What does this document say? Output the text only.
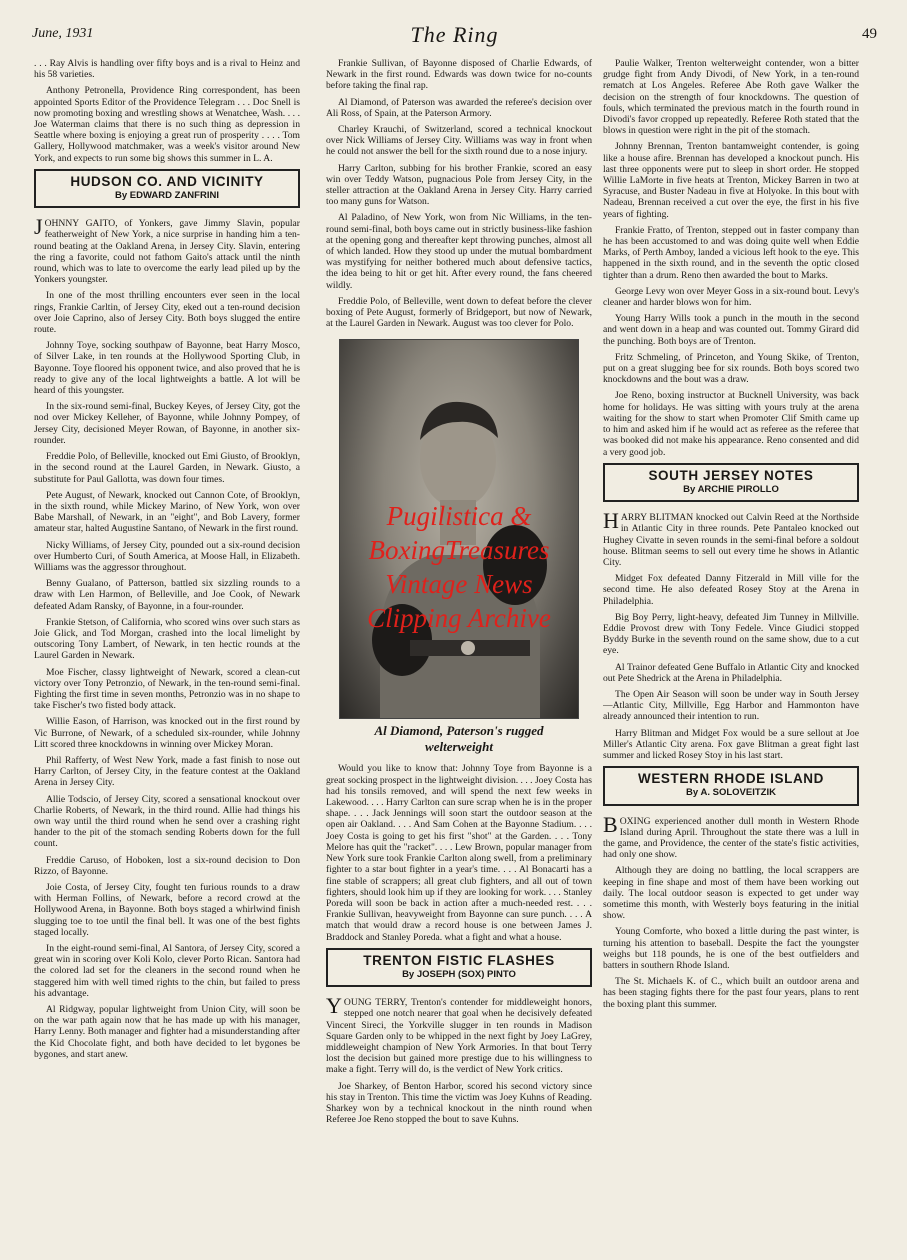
June, 1931	The Ring	49

. . . Ray Alvis is handling over fifty boys and is a rival to Heinz and his 58 varieties.

Anthony Petronella, Providence Ring correspondent, has been appointed Sports Editor of the Providence Telegram . . . Doc Snell is now promoting boxing and wrestling shows at Wenatchee, Wash. . . . Joe Waterman claims that there is no such thing as depression in Seattle where boxing is enjoying a great run of prosperity . . . . Tom Gallery, Hollywood matchmaker, was a week's visitor around New York, and expects to run some big shows this summer in L. A.

HUDSON CO. AND VICINITY
By EDWARD ZANFRINI

JOHNNY GAITO, of Yonkers, gave Jimmy Slavin, popular featherweight of New York, a nice surprise in handing him a ten-round beating at the Oakland Arena, in Jersey City. Slavin, entering the ring a favorite, could not fathom Gaito's attack until the ninth round, which was to late to overcome the early lead piled up by the Yonkers youngster.

In one of the most thrilling encounters ever seen in the local rings, Frankie Carltin, of Jersey City, eked out a ten-round decision over Joie Caprino, also of Jersey City. Both boys slugged the entire route.

Johnny Toye, socking southpaw of Bayonne, beat Harry Mosco, of Silver Lake, in ten rounds at the Hollywood Sporting Club, in Bayonne. Toye floored his opponent twice, and also proved that he is ready to give any of the local lightweights a battle. A lot will be heard of this youngster.

In the six-round semi-final, Buckey Keyes, of Jersey City, got the nod over Mickey Kelleher, of Bayonne, while Johnny Pompey, of Jersey City, decisioned Meyer Rowan, of Bayonne, in another six-rounder.

Freddie Polo, of Belleville, knocked out Emi Giusto, of Brooklyn, in the second round at the Laurel Garden, in Newark. Giusto, a substitute for Paul Gallotta, was down four times.

Pete August, of Newark, knocked out Cannon Cote, of Brooklyn, in the sixth round, while Mickey Marino, of New York, won over Babe Marshall, of Newark, in an "eight", and Bob Lavery, former amateur star, halted Augustine Santano, of Newark in the first round.

Nicky Williams, of Jersey City, pounded out a six-round decision over Humberto Curi, of South America, at Moose Hall, in Elizabeth. Williams was the aggressor throughout.

Benny Gualano, of Patterson, battled six sizzling rounds to a draw with Len Harmon, of Belleville, and Joe Cook, of Newark defeated Adam Ransky, of Bayonne, in a four-rounder.

Frankie Stetson, of California, who scored wins over such stars as Joie Glick, and Tod Morgan, crashed into the local limelight by outscoring Tony Lambert, of Newark, in ten hectic rounds at the Laurel Garden in Newark.

Moe Fischer, classy lightweight of Newark, scored a clean-cut victory over Tony Petronzio, of Newark, in the ten-round semi-final. Fighting the first time in seven months, Petronzio was in no shape to take Fischer's two fisted body attack.

Willie Eason, of Harrison, was knocked out in the first round by Vic Burrone, of Newark, of a scheduled six-rounder, while Johnny Litt scored three knockdowns in winning over Mickey Moran.

Phil Rafferty, of West New York, made a fast finish to nose out Harry Carlton, of Jersey City, in the feature contest at the Oakland Arena in Jersey City.

Allie Todscio, of Jersey City, scored a sensational knockout over Charlie Roberts, of Newark, in the third round. Allie had things his own way until the third round when he send over a crashing right hander to the pit of the stomach sending Roberts down for the full count.

Freddie Caruso, of Hoboken, lost a six-round decision to Don Rizzo, of Bayonne.

Joie Costa, of Jersey City, fought ten furious rounds to a draw with Herman Follins, of Newark, before a record crowd at the Hollywood Arena, in Bayonne. Both boys staged a whirlwind finish slugging toe to toe until the final bell. It was one of the best fights staged locally.

In the eight-round semi-final, Al Santora, of Jersey City, scored a great win in scoring over Koli Kolo, clever Porto Rican. Santora had the colored lad set for the cleaners in the second round when he staggered him with well timed rights to the chin, but failed to press his advantage.

Al Ridgway, popular lightweight from Union City, will soon be on the war path again now that he has made up with his manager, Harry Lenny. Both manager and fighter had a misunderstanding after the Kid Chocolate fight, and both have decided to let bygones be bygones, and start anew.

Frankie Sullivan, of Bayonne disposed of Charlie Edwards, of Newark in the first round. Edwards was down twice for no-counts before taking the final rap.

Al Diamond, of Paterson was awarded the referee's decision over Ali Ross, of Spain, at the Paterson Armory.

Charley Krauchi, of Switzerland, scored a technical knockout over Nick Williams of Jersey City. Williams was way in front when he could not answer the bell for the sixth round due to a nose injury.

Harry Carlton, subbing for his brother Frankie, scored an easy win over Teddy Watson, pugnacious Pole from Jersey City, in the steller attraction at the Oakland Arena in Jersey City. Harry carried too many guns for Watson.

Al Paladino, of New York, won from Nic Williams, in the ten-round semi-final, both boys came out in strictly business-like fashion at the opening gong and thereafter kept throwing punches, almost all of which landed. How they stood up under the mutual bombardment was mystifying for neither bothered much about defensive tactics, the idea being to hit or get hit. After every round, the fans cheered wildly.

Freddie Polo, of Belleville, went down to defeat before the clever boxing of Pete August, formerly of Bridgeport, but now of Newark, at the Laurel Garden in Newark. August was too clever for Polo.

Pugilistica &
BoxingTreasures
Vintage News
Clipping Archive
Al Diamond, Paterson's rugged
welterweight

Would you like to know that: Johnny Toye from Bayonne is a great socking prospect in the lightweight division. . . . Joey Costa has had his tonsils removed, and will spend the next few weeks in Lakewood. . . . Harry Carlton can sure scrap when he is in the proper shape. . . . Jack Jennings will soon start the outdoor season at the open air Oakland. . . . And Sam Cohen at the Bayonne Stadium. . . . Joey Costa is going to get his first "shot" at the Garden. . . . Tony Melore has quit the "racket". . . . Lew Brown, popular manager from New York sure took Frankie Carlton along swell, from a preliminary fighter to a star bout fighter in a year's time. . . . Al Bonacarti has a fine stable of scrappers; all great club fighters, and all out of town fighters, should look him up if they are looking for work. . . . Stanley Poreda will soon be back in action after a much-needed rest. . . . Frankie Sullivan, heavyweight from Bayonne can sure punch. . . . A match that would draw a record house is one between James J. Braddock and Stanley Poreda. what a fight and what a house.

TRENTON FISTIC FLASHES
By JOSEPH (SOX) PINTO

YOUNG TERRY, Trenton's contender for middleweight honors, stepped one notch nearer that goal when he decisively defeated Vincent Sireci, the Yorkville slugger in ten rounds in Madison Square Garden only to be whipped in the next fight by Joey LaGrey, middleweight champion of New York Armories. In that bout Terry lost the decision but gained more prestige due to his willingness to make a fight. Terry will do, is the verdict of New York critics.

Joe Sharkey, of Benton Harbor, scored his second victory since his stay in Trenton. This time the victim was Joey Kuhns of Reading. Sharkey won by a technical knockout in the ninth round when Referee Joe Reno stopped the bout to save Kuhns.

Paulie Walker, Trenton welterweight contender, won a bitter grudge fight from Andy Divodi, of New York, in a ten-round rematch at Los Angeles. Referee Abe Roth gave Walker the decision on the strength of four knockdowns. The question of fouls, which terminated the previous match in the fourth round in Divodi's favor cropped up repeatedly. Referee Roth stated that the blows in question were right in the pit of the stomach.

Johnny Brennan, Trenton bantamweight contender, is going like a house afire. Brennan has developed a knockout punch. His last three opponents were put to sleep in short order. He stopped Willie LaMorte in five heats at Trenton, Mickey Barren in two at Syracuse, and Buster Nadeau in five at Holyoke. In this bout with Nadeau, Brennan received a cut over the eye, the first in his five years of fighting.

Frankie Fratto, of Trenton, stepped out in faster company than he has been accustomed to and was doing quite well when Eddie Marks, of Perth Amboy, landed a vicious left hook to the eye. This happened in the sixth round, and in the seventh the optic closed tighter than a drum. Reno then awarded the bout to Marks.

George Levy won over Meyer Goss in a six-round bout. Levy's cleaner and harder blows won for him.

Young Harry Wills took a punch in the mouth in the second and went down in a heap and was counted out. Tommy Girard did the punching. Both boys are of Trenton.

Fritz Schmeling, of Princeton, and Young Skike, of Trenton, put on a great slugging bee for six rounds. Both boys scored two knockdowns and the bout was a draw.

Joe Reno, boxing instructor at Bucknell University, was back home for holidays. He was sitting with yours truly at the arena waiting for the show to start when Promoter Clif Smith came up to him and asked him if he would act as referee as the referee that was booked did not make his appearance. Reno consented and did a very good job.

SOUTH JERSEY NOTES
By ARCHIE PIROLLO

HARRY BLITMAN knocked out Calvin Reed at the Northside in Atlantic City in three rounds. Pete Pantaleo knocked out Hughey Civatte in seven rounds in the semi-final before a soldout house. Blitman seems to sell out every time he shows in Atlantic City.

Midget Fox defeated Danny Fitzerald in Mill ville for the second time. He also defeated Rosey Stoy at the Arena in Philadelphia.

Big Boy Perry, light-heavy, defeated Jim Tunney in Millville. Eddie Provost drew with Tony Fedele. Vince Giudici stopped Byddy Burke in the seventh round on the same show, due to a cut eye.

Al Trainor defeated Gene Buffalo in Atlantic City and knocked out Pete Shedrick at the Arena in Philadelphia.

The Open Air Season will soon be under way in South Jersey—Atlantic City, Millville, Egg Harbor and Hammonton have already announced their intention to run.

Harry Blitman and Midget Fox would be a sure sellout at Joe Miller's Atlantic City arena. Fox gave Blitman a great fight last summer and licked Rosey Stoy in his last start.

WESTERN RHODE ISLAND
By A. SOLOVEITZIK

BOXING experienced another dull month in Western Rhode Island during April. Throughout the state there was a lull in the game, and Providence, the center of the state's fistic activities, had only one show.

Although they are doing no battling, the local scrappers are keeping in fine shape and most of them have been working out daily. The local outdoor season is expected to get under way sometime this month, with Westerly boys featuring in the initial show.

Young Comforte, who boxed a little during the past winter, is turning his attention to baseball. Despite the fact the youngster weighs but 118 pounds, he is one of the best outfielders and batters in southern Rhode Island.

The St. Michaels K. of C., which built an outdoor arena and has been staging fights there for the past four years, plans to rent the boxing plant this summer.
